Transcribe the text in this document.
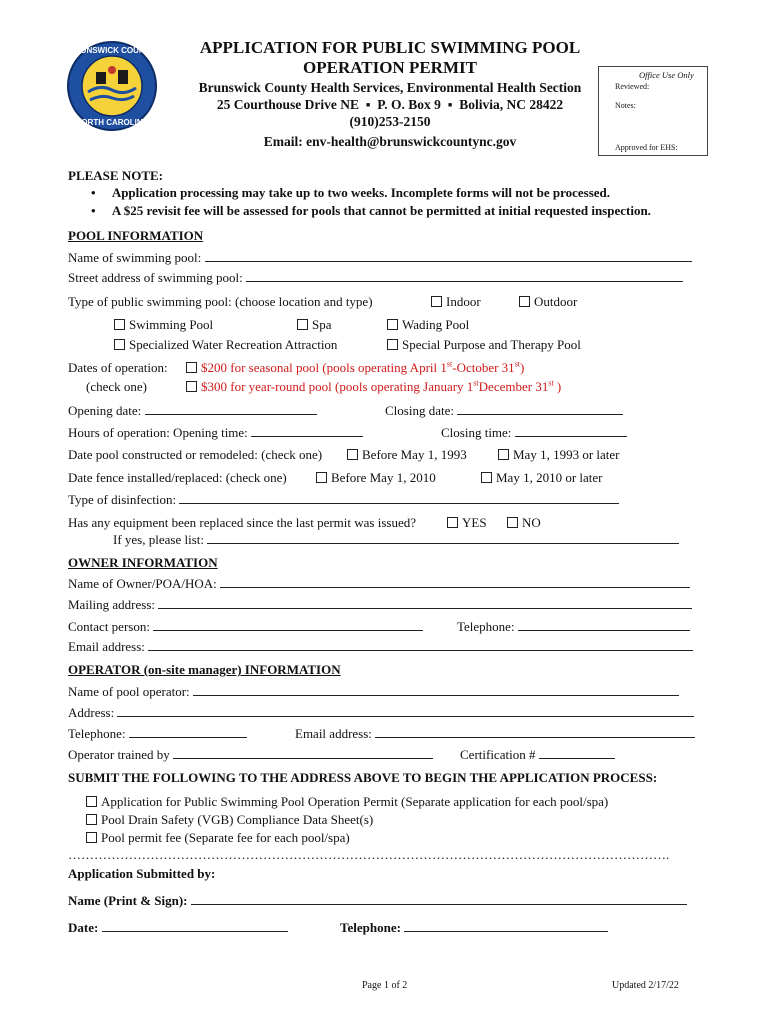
BRUNSWICK COUNTY
NORTH CAROLINA
APPLICATION FOR PUBLIC SWIMMING POOL
OPERATION PERMIT
Brunswick County Health Services, Environmental Health Section
25 Courthouse Drive NE  ▪  P. O. Box 9  ▪  Bolivia, NC 28422
(910)253-2150
Email: env-health@brunswickcountync.gov
Office Use Only
Reviewed:
Notes:
Approved for EHS:
PLEASE NOTE:
•     Application processing may take up to two weeks. Incomplete forms will not be processed.
•     A $25 revisit fee will be assessed for pools that cannot be permitted at initial requested inspection.
POOL INFORMATION
Name of swimming pool:
Street address of swimming pool:
Type of public swimming pool: (choose location and type)	Indoor	Outdoor
Swimming Pool	Spa	Wading Pool
Specialized Water Recreation Attraction	Special Purpose and Therapy Pool
Dates of operation:	$200 for seasonal pool (pools operating April 1st-October 31st)
(check one)	$300 for year-round pool (pools operating January 1stDecember 31st )
Opening date:	Closing date:
Hours of operation: Opening time:	Closing time:
Date pool constructed or remodeled: (check one)	Before May 1, 1993	May 1, 1993 or later
Date fence installed/replaced: (check one)	Before May 1, 2010	May 1, 2010 or later
Type of disinfection:
Has any equipment been replaced since the last permit was issued?	YES	NO
If yes, please list:
OWNER INFORMATION
Name of Owner/POA/HOA:
Mailing address:
Contact person:	Telephone:
Email address:
OPERATOR (on-site manager) INFORMATION
Name of pool operator:
Address:
Telephone:	Email address:
Operator trained by	Certification #
SUBMIT THE FOLLOWING TO THE ADDRESS ABOVE TO BEGIN THE APPLICATION PROCESS:
Application for Public Swimming Pool Operation Permit (Separate application for each pool/spa)
Pool Drain Safety (VGB) Compliance Data Sheet(s)
Pool permit fee (Separate fee for each pool/spa)
………………………………………………………………………………………………………………………….
Application Submitted by:
Name (Print & Sign):
Date:	Telephone:
Page 1 of 2	Updated 2/17/22
